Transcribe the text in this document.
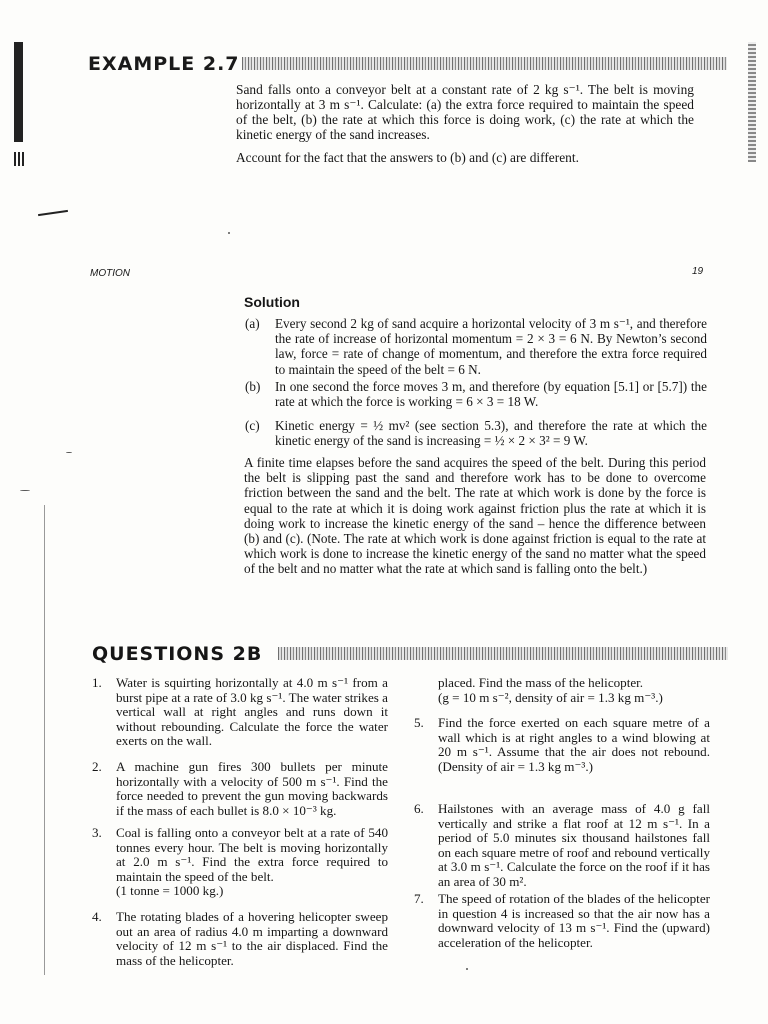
EXAMPLE 2.7
Sand falls onto a conveyor belt at a constant rate of 2 kg s⁻¹. The belt is moving horizontally at 3 m s⁻¹. Calculate: (a) the extra force required to maintain the speed of the belt, (b) the rate at which this force is doing work, (c) the rate at which the kinetic energy of the sand increases.
Account for the fact that the answers to (b) and (c) are different.
MOTION	19
Solution
(a) Every second 2 kg of sand acquire a horizontal velocity of 3 m s⁻¹, and therefore the rate of increase of horizontal momentum = 2 × 3 = 6 N. By Newton’s second law, force = rate of change of momentum, and therefore the extra force required to maintain the speed of the belt = 6 N.
(b) In one second the force moves 3 m, and therefore (by equation [5.1] or [5.7]) the rate at which the force is working = 6 × 3 = 18 W.
(c) Kinetic energy = ½ mv² (see section 5.3), and therefore the rate at which the kinetic energy of the sand is increasing = ½ × 2 × 3² = 9 W.
A finite time elapses before the sand acquires the speed of the belt. During this period the belt is slipping past the sand and therefore work has to be done to overcome friction between the sand and the belt. The rate at which work is done by the force is equal to the rate at which it is doing work against friction plus the rate at which it is doing work to increase the kinetic energy of the sand – hence the difference between (b) and (c). (Note. The rate at which work is done against friction is equal to the rate at which work is done to increase the kinetic energy of the sand no matter what the speed of the belt and no matter what the rate at which sand is falling onto the belt.)
QUESTIONS 2B
1. Water is squirting horizontally at 4.0 m s⁻¹ from a burst pipe at a rate of 3.0 kg s⁻¹. The water strikes a vertical wall at right angles and runs down it without rebounding. Calculate the force the water exerts on the wall.
2. A machine gun fires 300 bullets per minute horizontally with a velocity of 500 m s⁻¹. Find the force needed to prevent the gun moving backwards if the mass of each bullet is 8.0 × 10⁻³ kg.
3. Coal is falling onto a conveyor belt at a rate of 540 tonnes every hour. The belt is moving horizontally at 2.0 m s⁻¹. Find the extra force required to maintain the speed of the belt.
(1 tonne = 1000 kg.)
4. The rotating blades of a hovering helicopter sweep out an area of radius 4.0 m imparting a downward velocity of 12 m s⁻¹ to the air displaced. Find the mass of the helicopter.
placed. Find the mass of the helicopter.
(g = 10 m s⁻², density of air = 1.3 kg m⁻³.)
5. Find the force exerted on each square metre of a wall which is at right angles to a wind blowing at 20 m s⁻¹. Assume that the air does not rebound. (Density of air = 1.3 kg m⁻³.)
6. Hailstones with an average mass of 4.0 g fall vertically and strike a flat roof at 12 m s⁻¹. In a period of 5.0 minutes six thousand hailstones fall on each square metre of roof and rebound vertically at 3.0 m s⁻¹. Calculate the force on the roof if it has an area of 30 m².
7. The speed of rotation of the blades of the helicopter in question 4 is increased so that the air now has a downward velocity of 13 m s⁻¹. Find the (upward) acceleration of the helicopter.
